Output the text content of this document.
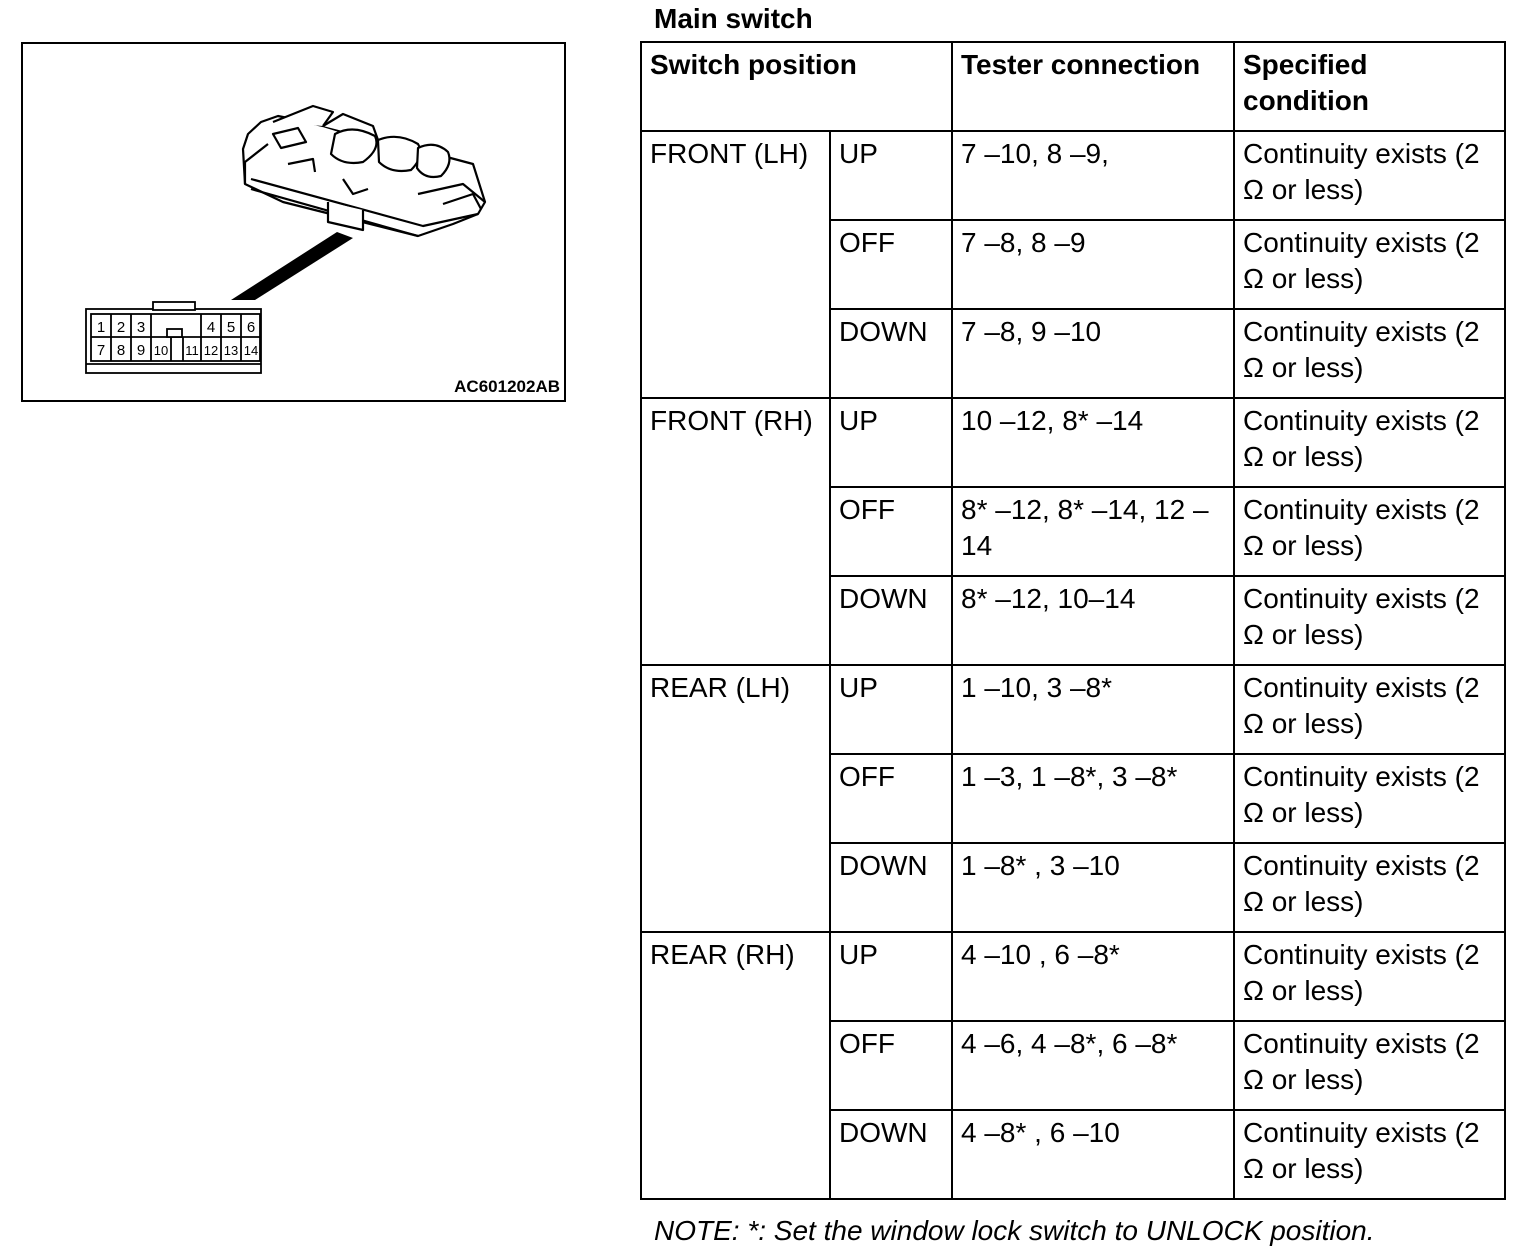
1 2 3	4 5 6
7 8 9 10 11 12 13 14
AC601202AB
Main switch
Switch position		Tester connection	Specified condition
FRONT (LH)	UP	7 –10, 8 –9,	Continuity exists (2 Ω or less)
	OFF	7 –8, 8 –9	Continuity exists (2 Ω or less)
	DOWN	7 –8, 9 –10	Continuity exists (2 Ω or less)
FRONT (RH)	UP	10 –12, 8* –14	Continuity exists (2 Ω or less)
	OFF	8* –12, 8* –14, 12 – 14	Continuity exists (2 Ω or less)
	DOWN	8* –12, 10–14	Continuity exists (2 Ω or less)
REAR (LH)	UP	1 –10, 3 –8*	Continuity exists (2 Ω or less)
	OFF	1 –3, 1 –8*, 3 –8*	Continuity exists (2 Ω or less)
	DOWN	1 –8* , 3 –10	Continuity exists (2 Ω or less)
REAR (RH)	UP	4 –10 , 6 –8*	Continuity exists (2 Ω or less)
	OFF	4 –6, 4 –8*, 6 –8*	Continuity exists (2 Ω or less)
	DOWN	4 –8* , 6 –10	Continuity exists (2 Ω or less)
NOTE: *: Set the window lock switch to UNLOCK position.
